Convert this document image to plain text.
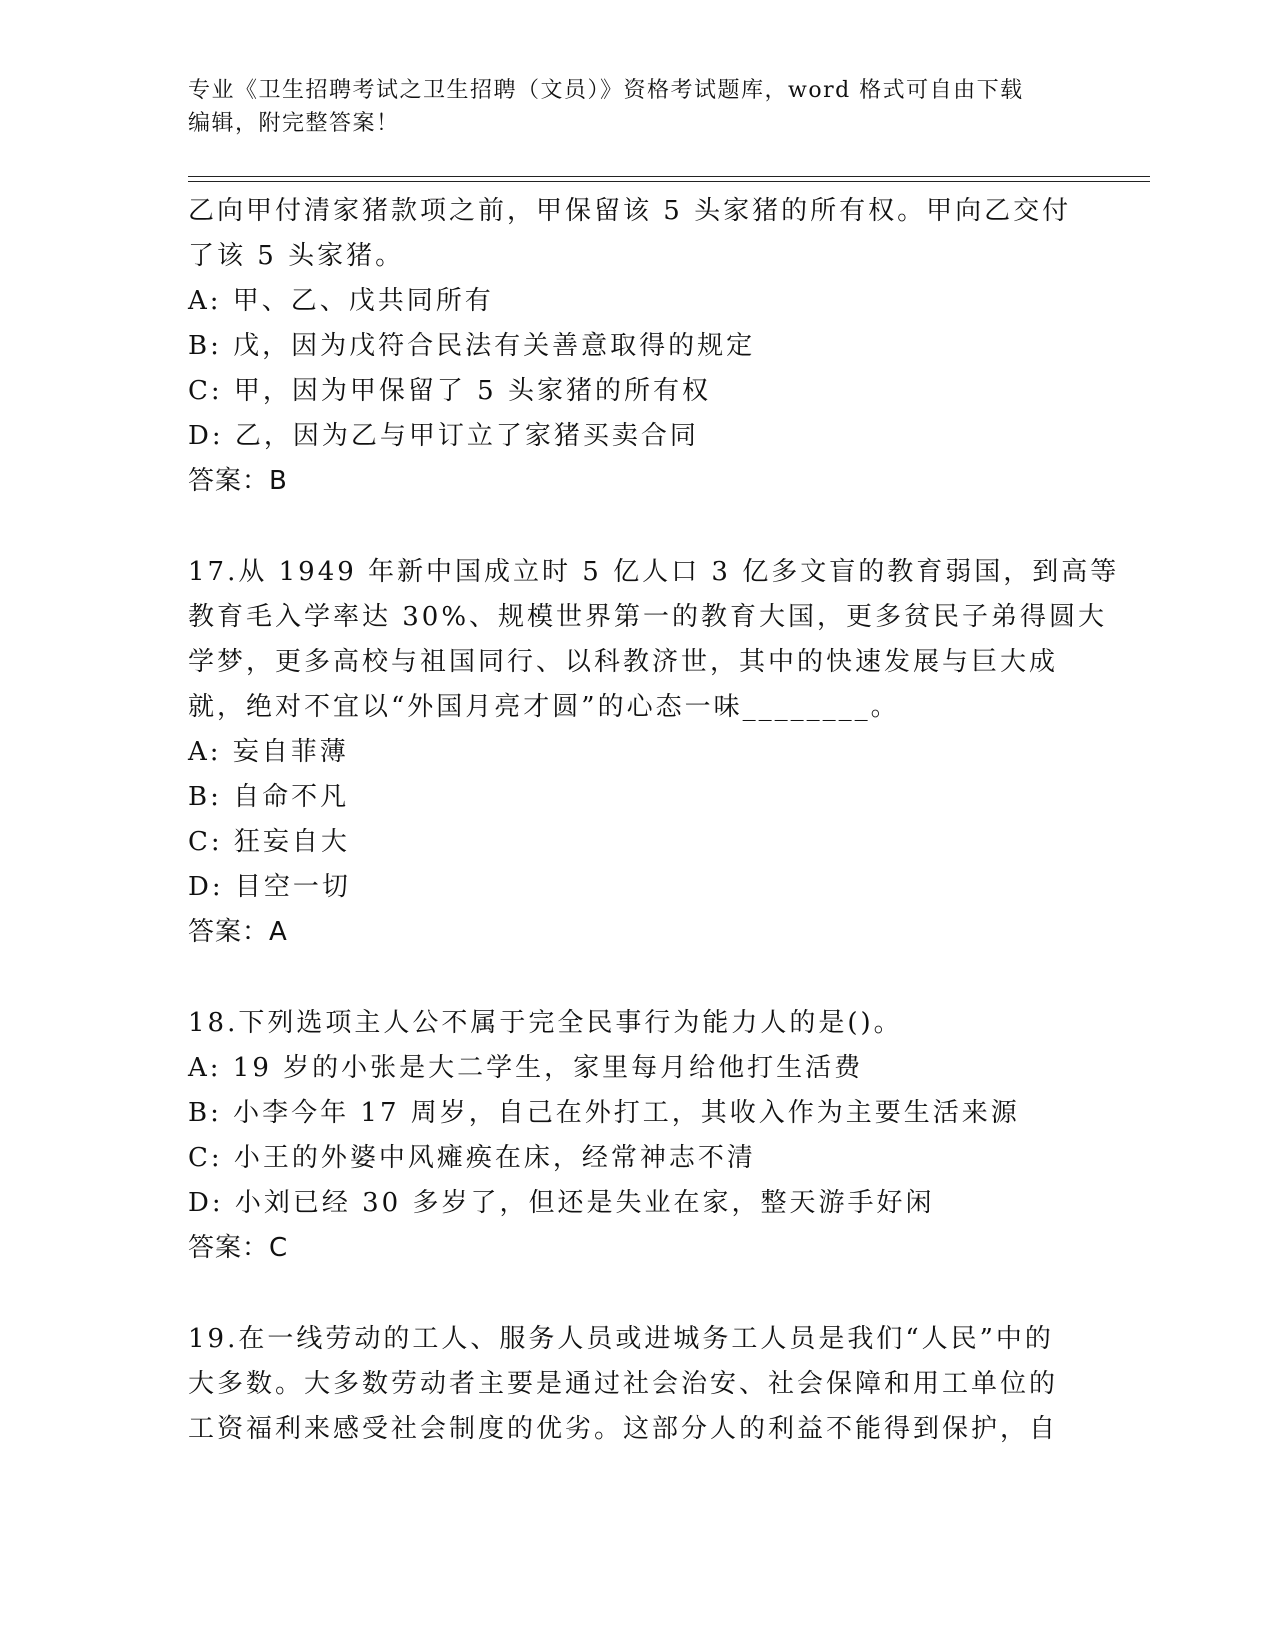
专业《卫生招聘考试之卫生招聘（文员）》资格考试题库，word 格式可自由下载
编辑，附完整答案！
乙向甲付清家猪款项之前，甲保留该 5 头家猪的所有权。甲向乙交付
了该 5 头家猪。
A: 甲、乙、戊共同所有
B: 戊，因为戊符合民法有关善意取得的规定
C: 甲，因为甲保留了 5 头家猪的所有权
D: 乙，因为乙与甲订立了家猪买卖合同
答案：B
17.从 1949 年新中国成立时 5 亿人口 3 亿多文盲的教育弱国，到高等
教育毛入学率达 30%、规模世界第一的教育大国，更多贫民子弟得圆大
学梦，更多高校与祖国同行、以科教济世，其中的快速发展与巨大成
就，绝对不宜以“外国月亮才圆”的心态一味________。
A: 妄自菲薄
B: 自命不凡
C: 狂妄自大
D: 目空一切
答案：A
18.下列选项主人公不属于完全民事行为能力人的是()。
A: 19 岁的小张是大二学生，家里每月给他打生活费
B: 小李今年 17 周岁，自己在外打工，其收入作为主要生活来源
C: 小王的外婆中风瘫痪在床，经常神志不清
D: 小刘已经 30 多岁了，但还是失业在家，整天游手好闲
答案：C
19.在一线劳动的工人、服务人员或进城务工人员是我们“人民”中的
大多数。大多数劳动者主要是通过社会治安、社会保障和用工单位的
工资福利来感受社会制度的优劣。这部分人的利益不能得到保护，自
